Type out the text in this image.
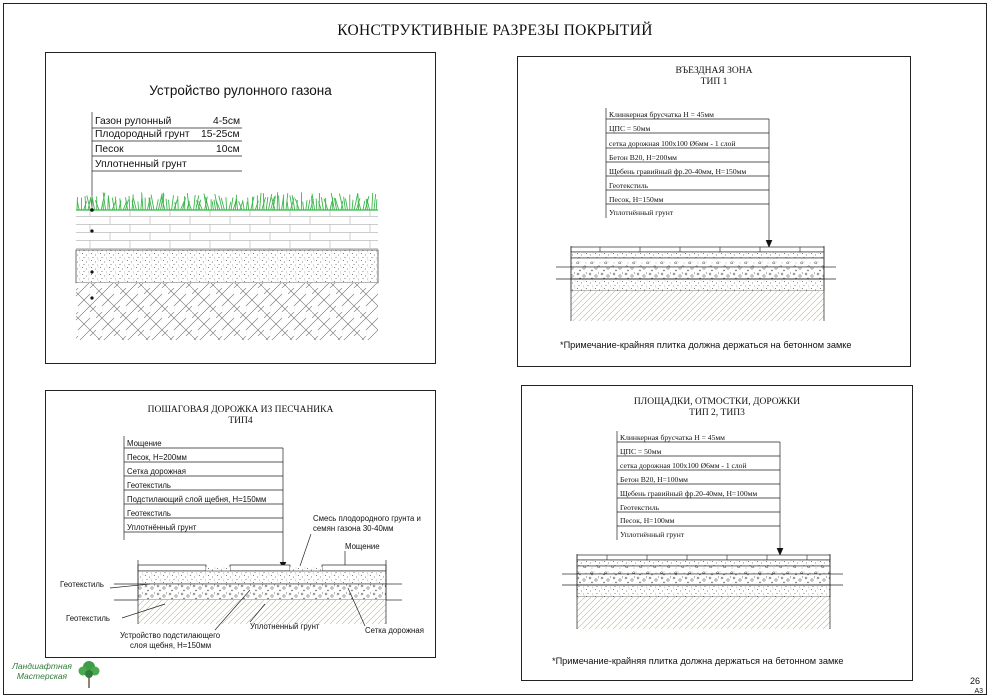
КОНСТРУКТИВНЫЕ РАЗРЕЗЫ ПОКРЫТИЙ
Устройство рулонного газона
Газон рулонный	4-5см
Плодородный грунт 15-25см
Песок	10см
Уплотненный грунт
ВЪЕЗДНАЯ ЗОНА
ТИП 1
Клинкерная брусчатка Н = 45мм
ЦПС = 50мм
сетка дорожная 100х100 Ø6мм - 1 слой
Бетон В20, Н=200мм
Щебень гравийный фр.20-40мм, Н=150мм
Геотекстиль
Песок, Н=150мм
Уплотнённый грунт
*Примечание-крайняя плитка должна держаться на бетонном замке
ПОШАГОВАЯ ДОРОЖКА ИЗ ПЕСЧАНИКА
ТИП4
Мощение
Песок, Н=200мм
Сетка дорожная
Геотекстиль
Подстилающий слой щебня, Н=150мм
Геотекстиль
Уплотнённый грунт
Смесь плодородного грунта и
семян газона 30-40мм
Мощение
Геотекстиль
Геотекстиль
Устройство подстилающего
слоя щебня, Н=150мм
Уплотненный грунт	Сетка дорожная
ПЛОЩАДКИ, ОТМОСТКИ, ДОРОЖКИ
ТИП 2, ТИП3
Клинкерная брусчатка Н = 45мм
ЦПС = 50мм
сетка дорожная 100х100 Ø6мм - 1 слой
Бетон В20, Н=100мм
Щебень гравийный фр.20-40мм, Н=100мм
Геотекстиль
Песок, Н=100мм
Уплотнённый грунт
*Примечание-крайняя плитка должна держаться на бетонном замке
Ландшафтная
Мастерская	26
А3
